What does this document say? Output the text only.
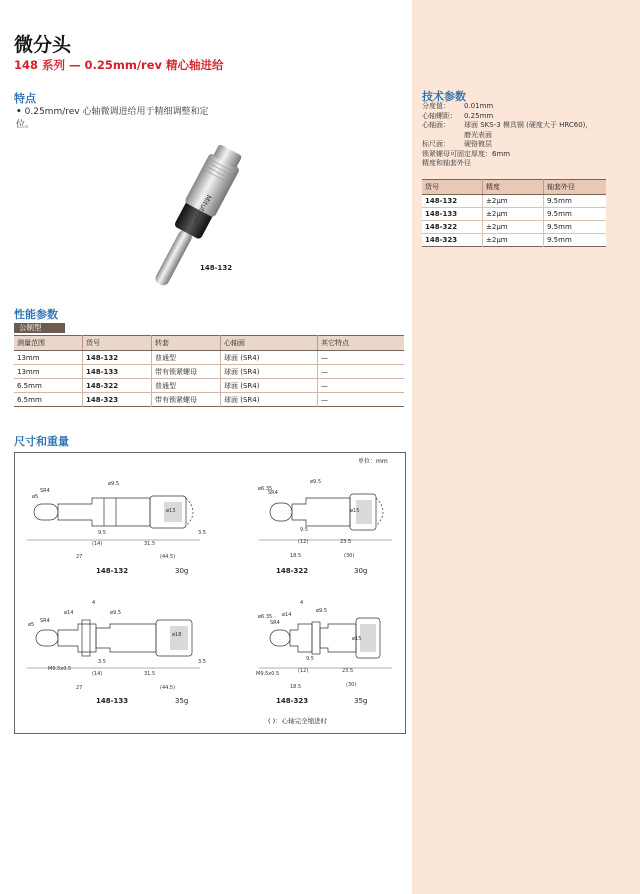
微分头
148 系列 — 0.25mm/rev 精心轴进给
特点
• 0.25mm/rev 心轴微调进给用于精细调整和定位。
Mitutoyo
148-132
性能参数
公制型
测量范围	货号	转套	心轴面	其它特点
13mm	148-132	普通型	球面 (SR4)	—
13mm	148-133	带有锁紧螺母	球面 (SR4)	—
6.5mm	148-322	普通型	球面 (SR4)	—
6.5mm	148-323	带有锁紧螺母	球面 (SR4)	—
技术参数
分度值：	0.01mm
心轴螺距：	0.25mm
心轴面：	球面 SKS-3 模具钢 (硬度大于 HRC60)，
磨光表面
标尺面：	硬铬镀层
锁紧螺母可固定厚度：6mm
精度和轴套外径
货号	精度	轴套外径
148-132	±2μm	9.5mm
148-133	±2μm	9.5mm
148-322	±2μm	9.5mm
148-323	±2μm	9.5mm
尺寸和重量
单位：mm
ø9.5
ø5
ø13
9.5	3.5
(14)	31.5
27	(44.5)
SR4
148-132	30g
ø9.5
ø6.35
ø15
9.5
(12)	23.5
18.5	(30)
SR4
148-322	30g
4
ø9.5
ø5
ø14
ø18
3.5	3.5
(14)	31.5
27	(44.5)
M9.5x0.5
SR4
148-133	35g
4
ø9.5
ø6.35 ø14
ø15
9.5
(12)	23.5
18.5	(30)
M9.5x0.5
SR4
148-323	35g
( )：心轴完全缩进时
